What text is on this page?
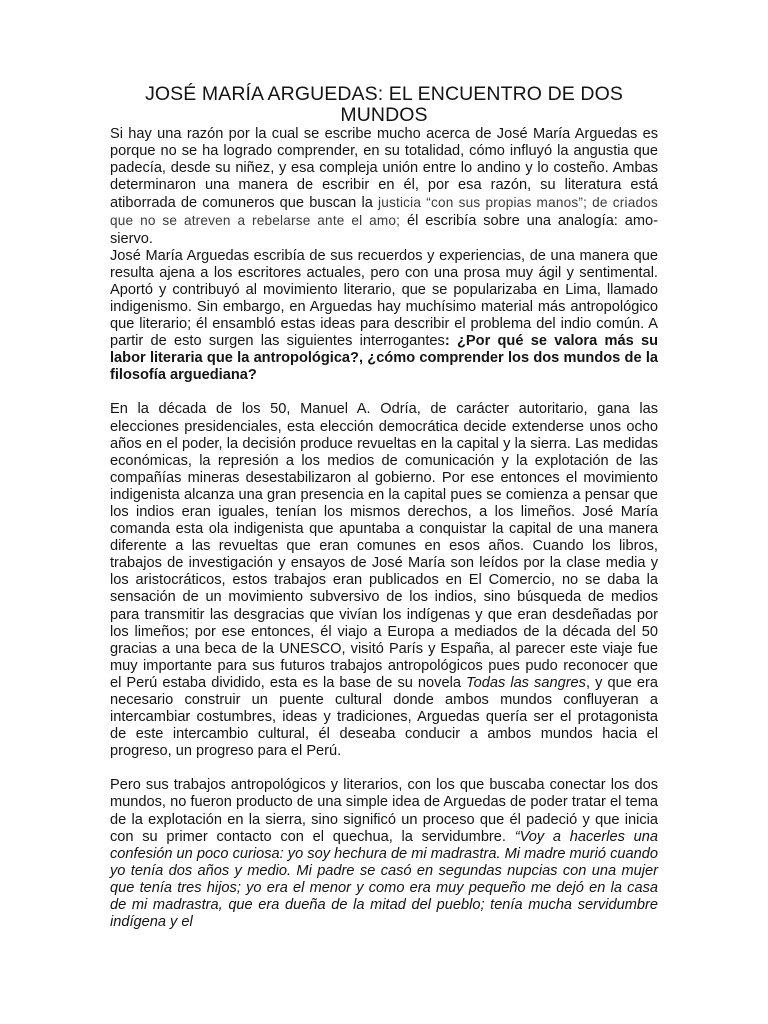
JOSÉ MARÍA ARGUEDAS: EL ENCUENTRO DE DOS MUNDOS

Si hay una razón por la cual se escribe mucho acerca de José María Arguedas es porque no se ha logrado comprender, en su totalidad, cómo influyó la angustia que padecía, desde su niñez, y esa compleja unión entre lo andino y lo costeño. Ambas determinaron una manera de escribir en él, por esa razón, su literatura está atiborrada de comuneros que buscan la justicia “con sus propias manos”; de criados que no se atreven a rebelarse ante el amo; él escribía sobre una analogía: amo-siervo.

José María Arguedas escribía de sus recuerdos y experiencias, de una manera que resulta ajena a los escritores actuales, pero con una prosa muy ágil y sentimental. Aportó y contribuyó al movimiento literario, que se popularizaba en Lima, llamado indigenismo. Sin embargo, en Arguedas hay muchísimo material más antropológico que literario; él ensambló estas ideas para describir el problema del indio común. A partir de esto surgen las siguientes interrogantes: ¿Por qué se valora más su labor literaria que la antropológica?, ¿cómo comprender los dos mundos de la filosofía arguediana?

En la década de los 50, Manuel A. Odría, de carácter autoritario, gana las elecciones presidenciales, esta elección democrática decide extenderse unos ocho años en el poder, la decisión produce revueltas en la capital y la sierra. Las medidas económicas, la represión a los medios de comunicación y la explotación de las compañías mineras desestabilizaron al gobierno. Por ese entonces el movimiento indigenista alcanza una gran presencia en la capital pues se comienza a pensar que los indios eran iguales, tenían los mismos derechos, a los limeños. José María comanda esta ola indigenista que apuntaba a conquistar la capital de una manera diferente a las revueltas que eran comunes en esos años. Cuando los libros, trabajos de investigación y ensayos de José María son leídos por la clase media y los aristocráticos, estos trabajos eran publicados en El Comercio, no se daba la sensación de un movimiento subversivo de los indios, sino búsqueda de medios para transmitir las desgracias que vivían los indígenas y que eran desdeñadas por los limeños; por ese entonces, él viajo a Europa a mediados de la década del 50 gracias a una beca de la UNESCO, visitó París y España, al parecer este viaje fue muy importante para sus futuros trabajos antropológicos pues pudo reconocer que el Perú estaba dividido, esta es la base de su novela Todas las sangres, y que era necesario construir un puente cultural donde ambos mundos confluyeran a intercambiar costumbres, ideas y tradiciones, Arguedas quería ser el protagonista de este intercambio cultural, él deseaba conducir a ambos mundos hacia el progreso, un progreso para el Perú.

Pero sus trabajos antropológicos y literarios, con los que buscaba conectar los dos mundos, no fueron producto de una simple idea de Arguedas de poder tratar el tema de la explotación en la sierra, sino significó un proceso que él padeció y que inicia con su primer contacto con el quechua, la servidumbre. “Voy a hacerles una confesión un poco curiosa: yo soy hechura de mi madrastra. Mi madre murió cuando yo tenía dos años y medio. Mi padre se casó en segundas nupcias con una mujer que tenía tres hijos; yo era el menor y como era muy pequeño me dejó en la casa de mi madrastra, que era dueña de la mitad del pueblo; tenía mucha servidumbre indígena y el
